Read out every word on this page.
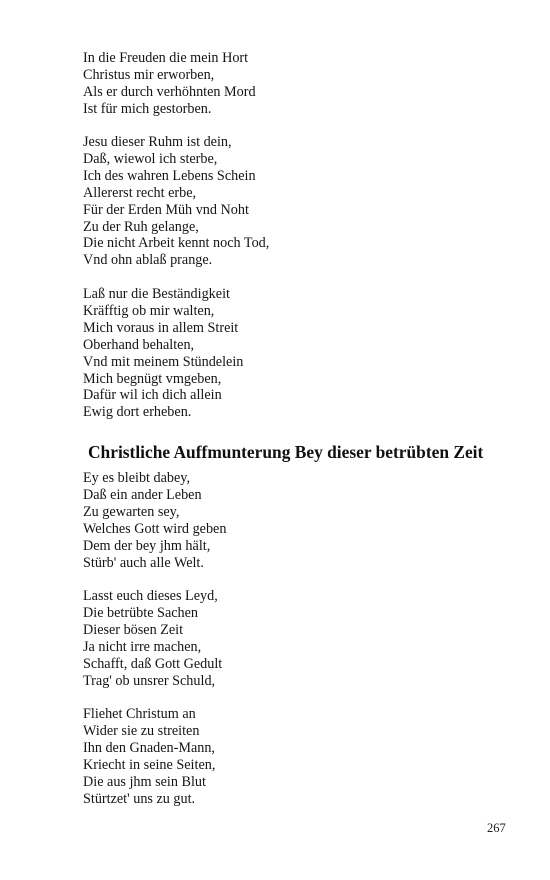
In die Freuden die mein Hort
Christus mir erworben,
Als er durch verhöhnten Mord
Ist für mich gestorben.
Jesu dieser Ruhm ist dein,
Daß, wiewol ich sterbe,
Ich des wahren Lebens Schein
Allererst recht erbe,
Für der Erden Müh vnd Noht
Zu der Ruh gelange,
Die nicht Arbeit kennt noch Tod,
Vnd ohn ablaß prange.
Laß nur die Beständigkeit
Kräfftig ob mir walten,
Mich voraus in allem Streit
Oberhand behalten,
Vnd mit meinem Stündelein
Mich begnügt vmgeben,
Dafür wil ich dich allein
Ewig dort erheben.
Christliche Auffmunterung Bey dieser betrübten Zeit
Ey es bleibt dabey,
Daß ein ander Leben
Zu gewarten sey,
Welches Gott wird geben
Dem der bey jhm hält,
Stürb' auch alle Welt.
Lasst euch dieses Leyd,
Die betrübte Sachen
Dieser bösen Zeit
Ja nicht irre machen,
Schafft, daß Gott Gedult
Trag' ob unsrer Schuld,
Fliehet Christum an
Wider sie zu streiten
Ihn den Gnaden-Mann,
Kriecht in seine Seiten,
Die aus jhm sein Blut
Stürtzet' uns zu gut.
267
